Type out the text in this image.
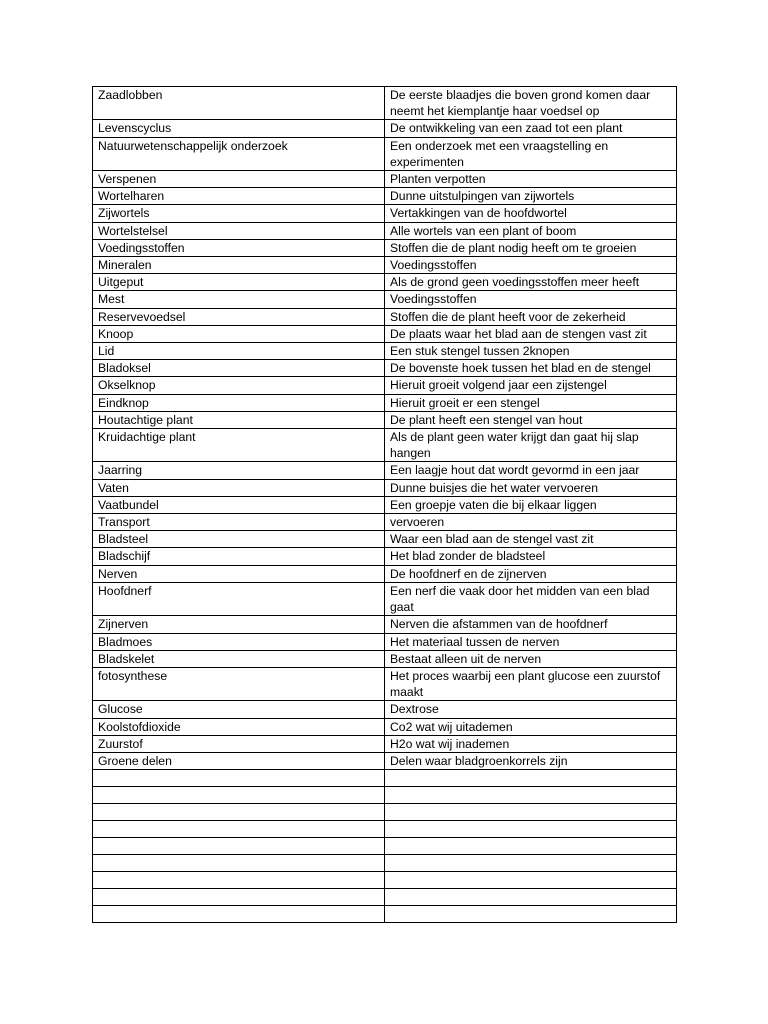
Zaadlobben	De eerste blaadjes die boven grond komen daar neemt het kiemplantje haar voedsel op
Levenscyclus	De ontwikkeling van een zaad tot een plant
Natuurwetenschappelijk onderzoek	Een onderzoek met een vraagstelling en experimenten
Verspenen	Planten verpotten
Wortelharen	Dunne uitstulpingen van zijwortels
Zijwortels	Vertakkingen van de hoofdwortel
Wortelstelsel	Alle wortels van een plant of boom
Voedingsstoffen	Stoffen die de plant nodig heeft om te groeien
Mineralen	Voedingsstoffen
Uitgeput	Als de grond geen voedingsstoffen meer heeft
Mest	Voedingsstoffen
Reservevoedsel	Stoffen die de plant heeft voor de zekerheid
Knoop	De plaats waar het blad aan de stengen vast zit
Lid	Een stuk stengel tussen 2knopen
Bladoksel	De bovenste hoek tussen het blad en de stengel
Okselknop	Hieruit groeit volgend jaar een zijstengel
Eindknop	Hieruit groeit er een stengel
Houtachtige plant	De plant heeft een stengel van hout
Kruidachtige plant	Als de plant geen water krijgt dan gaat hij slap hangen
Jaarring	Een laagje hout dat wordt gevormd in een jaar
Vaten	Dunne buisjes die het water vervoeren
Vaatbundel	Een groepje vaten die bij elkaar liggen
Transport	vervoeren
Bladsteel	Waar een blad aan de stengel vast zit
Bladschijf	Het blad zonder de bladsteel
Nerven	De hoofdnerf en de zijnerven
Hoofdnerf	Een nerf die vaak door het midden van een blad gaat
Zijnerven	Nerven die afstammen van de hoofdnerf
Bladmoes	Het materiaal tussen de nerven
Bladskelet	Bestaat alleen uit de nerven
fotosynthese	Het proces waarbij een plant glucose een zuurstof maakt
Glucose	Dextrose
Koolstofdioxide	Co2 wat wij uitademen
Zuurstof	H2o wat wij inademen
Groene delen	Delen waar bladgroenkorrels zijn
